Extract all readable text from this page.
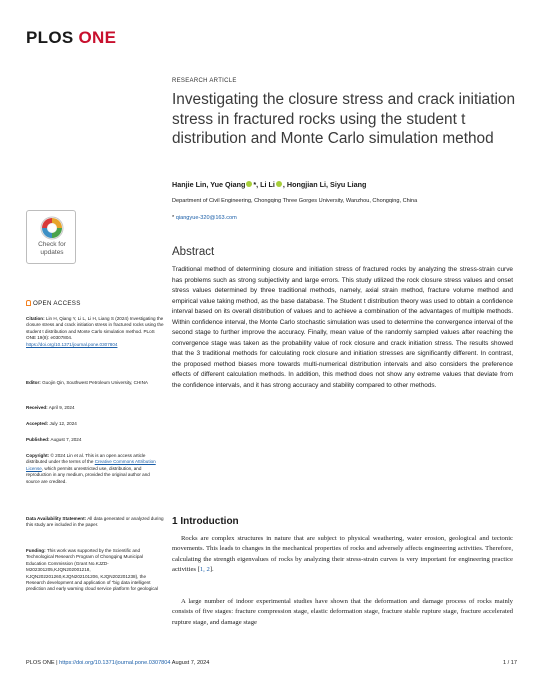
PLOS ONE
RESEARCH ARTICLE
Investigating the closure stress and crack initiation stress in fractured rocks using the student t distribution and Monte Carlo simulation method
Hanjie Lin, Yue Qiang *, Li Li , Hongjian Li, Siyu Liang
Department of Civil Engineering, Chongqing Three Gorges University, Wanzhou, Chongqing, China
* qiangyue-320@163.com
Check for
updates
OPEN ACCESS
Citation: Lin H, Qiang Y, Li L, Li H, Liang S (2024) Investigating the closure stress and crack initiation stress in fractured rocks using the student t distribution and Monte Carlo simulation method. PLoS ONE 19(8): e0307804. https://doi.org/10.1371/journal.pone.0307804
Editor: Guojin Qin, Southwest Petroleum University, CHINA
Received: April 9, 2024
Accepted: July 12, 2024
Published: August 7, 2024
Copyright: © 2024 Lin et al. This is an open access article distributed under the terms of the Creative Commons Attribution License, which permits unrestricted use, distribution, and reproduction in any medium, provided the original author and source are credited.
Data Availability Statement: All data generated or analyzed during this study are included in the paper.
Funding: This work was supported by the Scientific and Technological Research Program of Chongqing Municipal Education Commission (Grant No.KJZD-M202301205,KJQN202001218, KJQN202201260,KJQN202101206, KJQN202201238), the Research development and application of "big data intelligent prediction and early warning cloud service platform for geological
Abstract
Traditional method of determining closure and initiation stress of fractured rocks by analyzing the stress-strain curve has problems such as strong subjectivity and large errors. This study utilized the rock closure stress values and onset stress values determined by three traditional methods, namely, axial strain method, fracture volume method and empirical value taking method, as the base database. The Student t distribution theory was used to obtain a confidence interval based on its overall distribution of values and to achieve a combination of the advantages of multiple methods. Within confidence interval, the Monte Carlo stochastic simulation was used to determine the convergence interval of the second stage to further improve the accuracy. Finally, mean value of the randomly sampled values after reaching the convergence stage was taken as the probability value of rock closure and crack initiation stress. The results showed that the 3 traditional methods for calculating rock closure and initiation stresses are significantly different. In contrast, the proposed method biases more towards multi-numerical distribution intervals and also considers the preference effects of different calculation methods. In addition, this method does not show any extreme values that deviate from the confidence intervals, and it has strong accuracy and stability compared to other methods.
1 Introduction
Rocks are complex structures in nature that are subject to physical weathering, water erosion, geological and tectonic movements. This leads to changes in the mechanical properties of rocks and adversely affects engineering activities. Therefore, calculating the strength eigenvalues of rocks by analyzing their stress-strain curves is very important for engineering practice activities [1, 2].
A large number of indoor experimental studies have shown that the deformation and damage process of rocks mainly consists of five stages: fracture compression stage, elastic deformation stage, fracture stable rupture stage, fracture accelerated rupture stage, and damage stage
PLOS ONE | https://doi.org/10.1371/journal.pone.0307804 August 7, 2024	1 / 17
